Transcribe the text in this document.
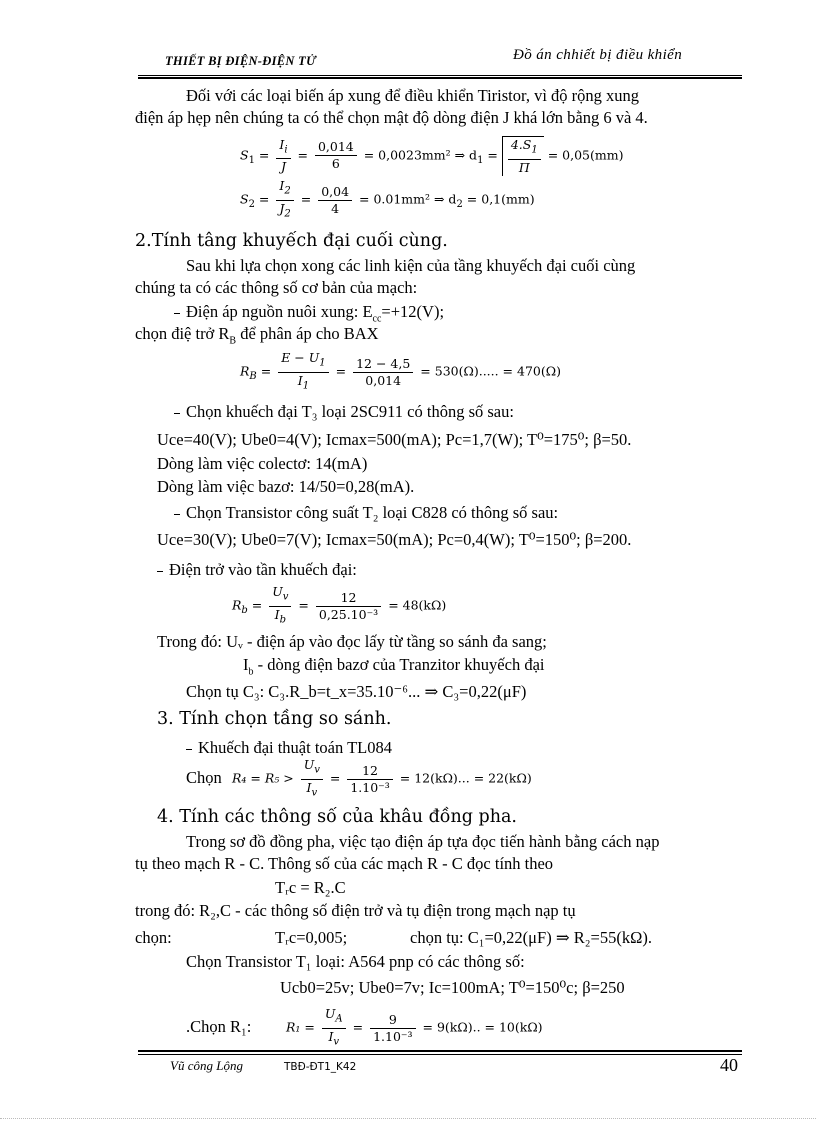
THIẾT BỊ ĐIỆN-ĐIỆN TỬ	Đồ án chhiết bị điều khiển
Đối với các loại biến áp xung để điều khiển Tiristor, vì độ rộng xung
điện áp hẹp nên chúng ta có thể chọn mật độ dòng điện J khá lớn bằng 6 và 4.
$S_1 = \frac{I_i}{J} = \frac{0,014}{6} = 0,0023mm^2$ ⇒ $d_1 = \frac{4.S_1}{\Pi} = 0,05(mm)$
$S_2 = \frac{I_2}{J_2} = \frac{0,04}{4} = 0.01mm^2$ ⇒ $d_2 = 0,1(mm)$
2.Tính tâng khuyếch đại cuối cùng.
Sau khi lựa chọn xong các linh kiện của tầng khuyếch đại cuối cùng
chúng ta có các thông số cơ bản của mạch:
Điện áp nguồn nuôi xung: $E_{cc}=+12(V)$;
chọn điệ trở $R_B$ để phân áp cho BAX
$R_B = \frac{E - U_1}{I_1} = \frac{12 - 4,5}{0,014} = 530(\Omega)$..... = 470(Ω)
Chọn khuếch đại T₃ loại 2SC911 có thông số sau:
Uce=40(V); Ube0=4(V); Icmax=500(mA); Pc=1,7(W); T⁰=175⁰; β=50.
Dòng làm việc colectơ: 14(mA)
Dòng làm việc bazơ: 14/50=0,28(mA).
Chọn Transistor công suất T₂ loại C828 có thông số sau:
Uce=30(V); Ube0=7(V); Icmax=50(mA); Pc=0,4(W); T⁰=150⁰; β=200.
Điện trở vào tần khuếch đại:
$R_b = \frac{U_v}{I_b} = \frac{12}{\text{0,25.10⁻³}} = 48(k\Omega)$
Trong đó: Uᵥ - điện áp vào đọc lấy từ tầng so sánh đa sang;
$I_b$ - dòng điện bazơ của Tranzitor khuyếch đại
Chọn tụ C₃: C₃.R_b=t_x=35.10⁻⁶... ⇒ C₃=0,22(μF)
3. Tính chọn tầng so sánh.
Khuếch đại thuật toán TL084
Chọn $R_4 = R_5 > \frac{U_v}{I_v} = \frac{12}{\text{1.10⁻³}} = 12(k\Omega)$... = 22(kΩ)
4. Tính các thông số của khâu đồng pha.
Trong sơ đồ đồng pha, việc tạo điện áp tựa đọc tiến hành bằng cách nạp
tụ theo mạch R - C. Thông số của các mạch R - C đọc tính theo
Tᵣc = R₂.C
trong đó: R₂,C - các thông số điện trở và tụ điện trong mạch nạp tụ
chọn:	Tᵣc=0,005;	chọn tụ: C₁=0,22(μF) ⇒ R₂=55(kΩ).
Chọn Transistor T₁ loại: A564 pnp có các thông số:
Ucb0=25v; Ube0=7v; Ic=100mA; T⁰=150⁰c; β=250
.Chọn R₁:	$R_1 = \frac{U_A}{I_v} = \frac{9}{\text{1.10⁻³}} = 9(k\Omega)$.. = 10(kΩ)
Vũ công Lộng	TBĐ-ĐT1_K42	40
